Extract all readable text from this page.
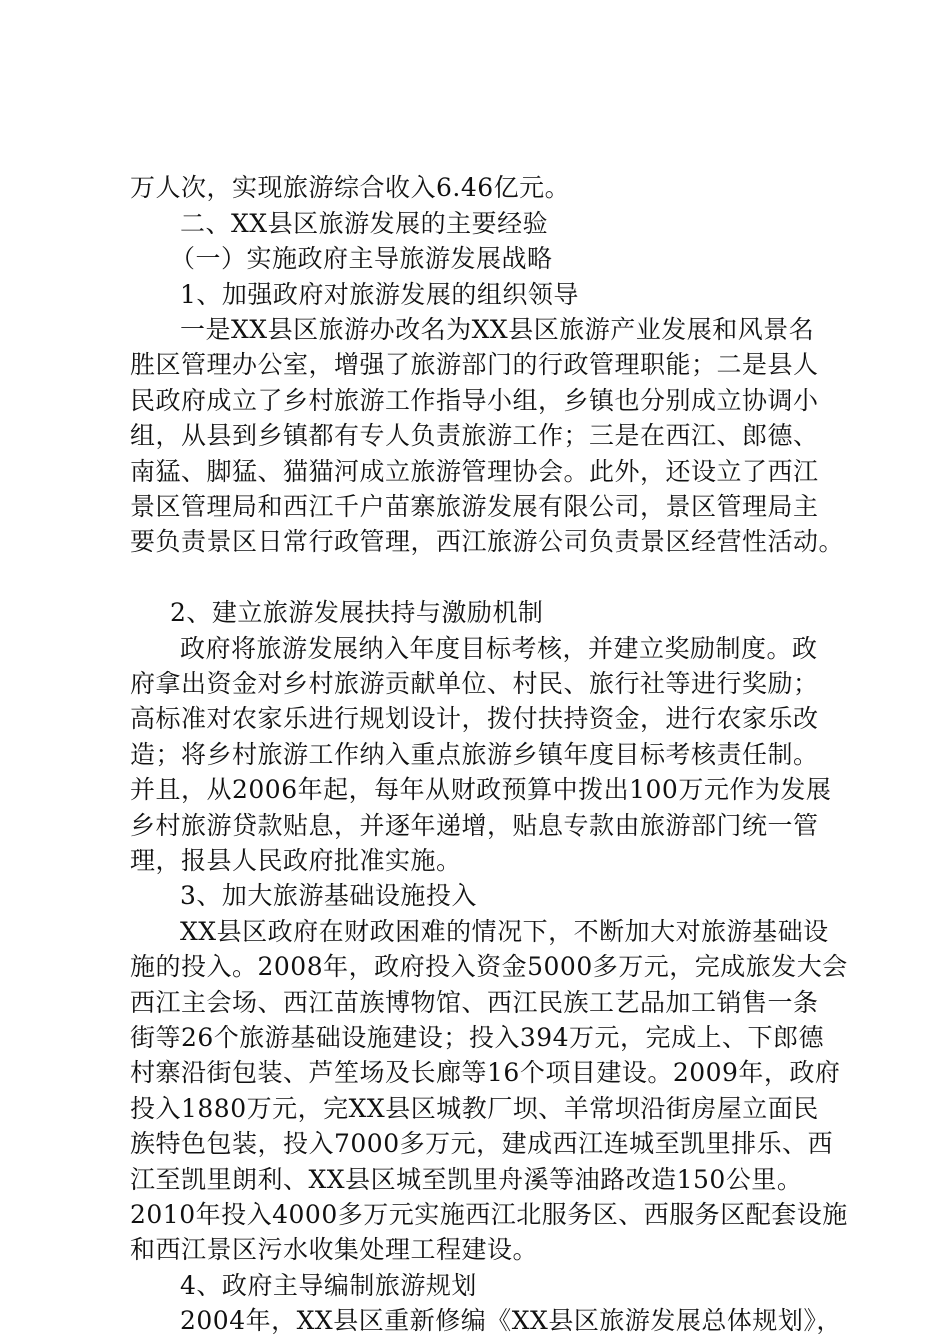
万人次，实现旅游综合收入6.46亿元。
二、XX县区旅游发展的主要经验
（一）实施政府主导旅游发展战略
1、加强政府对旅游发展的组织领导
一是XX县区旅游办改名为XX县区旅游产业发展和风景名
胜区管理办公室，增强了旅游部门的行政管理职能；二是县人
民政府成立了乡村旅游工作指导小组，乡镇也分别成立协调小
组，从县到乡镇都有专人负责旅游工作；三是在西江、郎德、
南猛、脚猛、猫猫河成立旅游管理协会。此外，还设立了西江
景区管理局和西江千户苗寨旅游发展有限公司，景区管理局主
要负责景区日常行政管理，西江旅游公司负责景区经营性活动。
2、建立旅游发展扶持与激励机制
政府将旅游发展纳入年度目标考核，并建立奖励制度。政
府拿出资金对乡村旅游贡献单位、村民、旅行社等进行奖励；
高标准对农家乐进行规划设计，拨付扶持资金，进行农家乐改
造；将乡村旅游工作纳入重点旅游乡镇年度目标考核责任制。
并且，从2006年起，每年从财政预算中拨出100万元作为发展
乡村旅游贷款贴息，并逐年递增，贴息专款由旅游部门统一管
理，报县人民政府批准实施。
3、加大旅游基础设施投入
XX县区政府在财政困难的情况下，不断加大对旅游基础设
施的投入。2008年，政府投入资金5000多万元，完成旅发大会
西江主会场、西江苗族博物馆、西江民族工艺品加工销售一条
街等26个旅游基础设施建设；投入394万元，完成上、下郎德
村寨沿街包装、芦笙场及长廊等16个项目建设。2009年，政府
投入1880万元，完XX县区城教厂坝、羊常坝沿街房屋立面民
族特色包装，投入7000多万元，建成西江连城至凯里排乐、西
江至凯里朗利、XX县区城至凯里舟溪等油路改造150公里。
2010年投入4000多万元实施西江北服务区、西服务区配套设施
和西江景区污水收集处理工程建设。
4、政府主导编制旅游规划
2004年，XX县区重新修编《XX县区旅游发展总体规划》，
